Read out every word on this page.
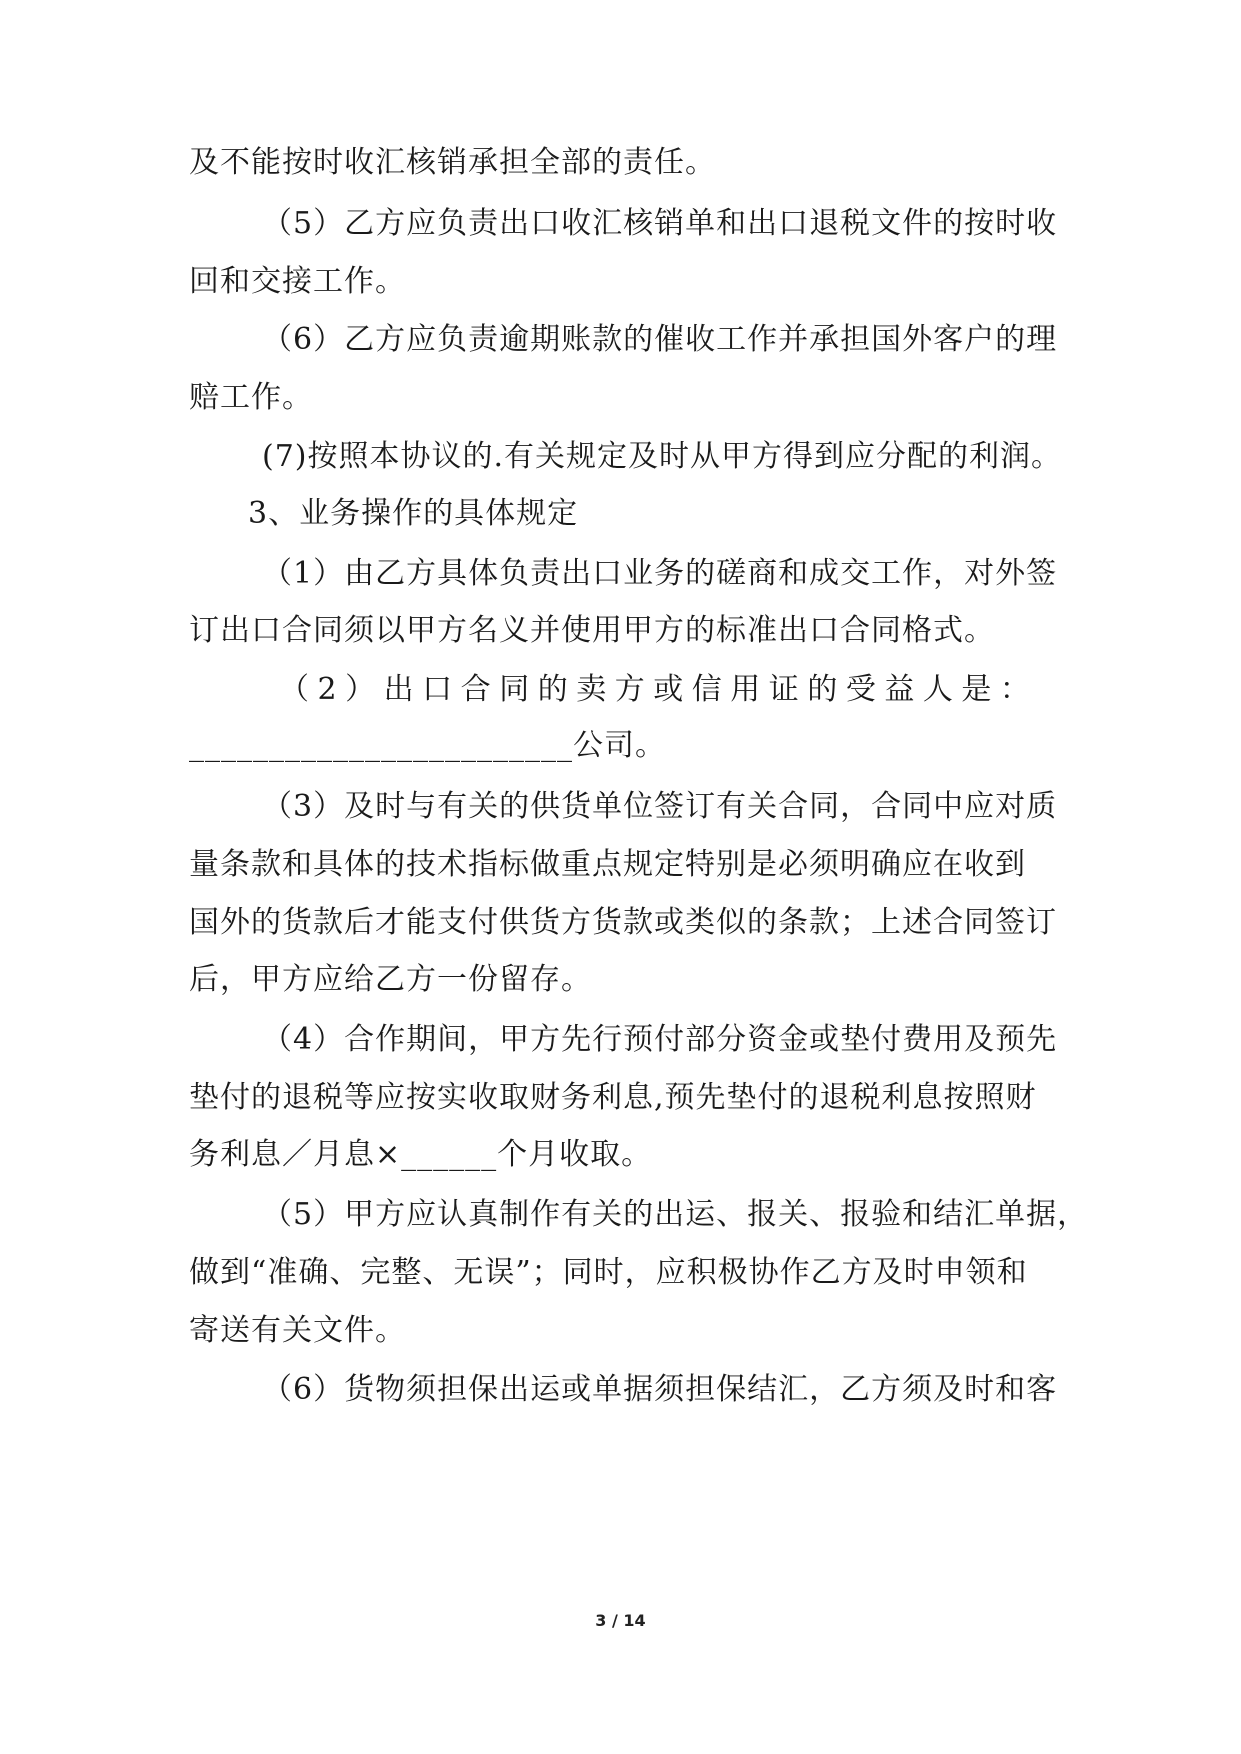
及不能按时收汇核销承担全部的责任。
（5）乙方应负责出口收汇核销单和出口退税文件的按时收
回和交接工作。
（6）乙方应负责逾期账款的催收工作并承担国外客户的理
赔工作。
(7)按照本协议的.有关规定及时从甲方得到应分配的利润。
3、业务操作的具体规定
（1）由乙方具体负责出口业务的磋商和成交工作，对外签
订出口合同须以甲方名义并使用甲方的标准出口合同格式。
（ 2 ） 出 口 合 同 的 卖 方 或 信 用 证 的 受 益 人 是 ：
________________________公司。
（3）及时与有关的供货单位签订有关合同，合同中应对质
量条款和具体的技术指标做重点规定特别是必须明确应在收到
国外的货款后才能支付供货方货款或类似的条款；上述合同签订
后，甲方应给乙方一份留存。
（4）合作期间，甲方先行预付部分资金或垫付费用及预先
垫付的退税等应按实收取财务利息,预先垫付的退税利息按照财
务利息／月息×______个月收取。
（5）甲方应认真制作有关的出运、报关、报验和结汇单据，
做到“准确、完整、无误”；同时，应积极协作乙方及时申领和
寄送有关文件。
（6）货物须担保出运或单据须担保结汇，乙方须及时和客
3 / 14
